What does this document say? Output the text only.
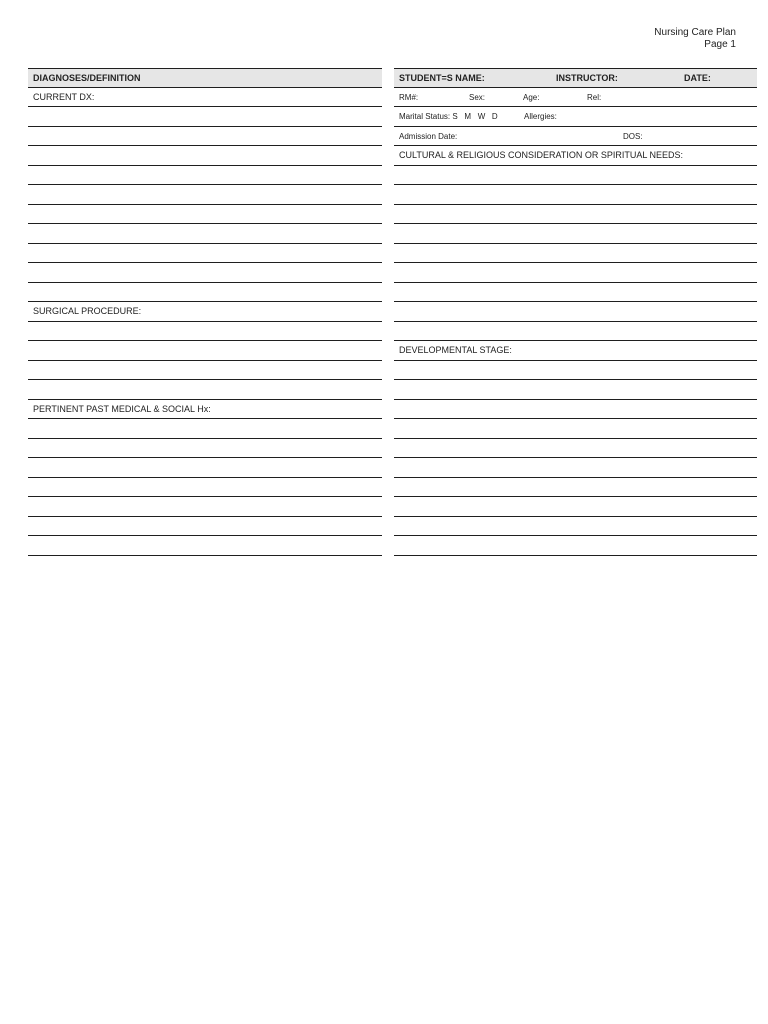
Nursing Care Plan
Page 1
DIAGNOSES/DEFINITION
CURRENT DX:
SURGICAL PROCEDURE:
PERTINENT PAST MEDICAL & SOCIAL Hx:
STUDENT=S NAME:	INSTRUCTOR:	DATE:
RM#:	Sex:	Age:	Rel:
Marital Status: S   M   W   D	Allergies:
Admission Date:	DOS:
CULTURAL & RELIGIOUS CONSIDERATION OR SPIRITUAL NEEDS:
DEVELOPMENTAL STAGE:
